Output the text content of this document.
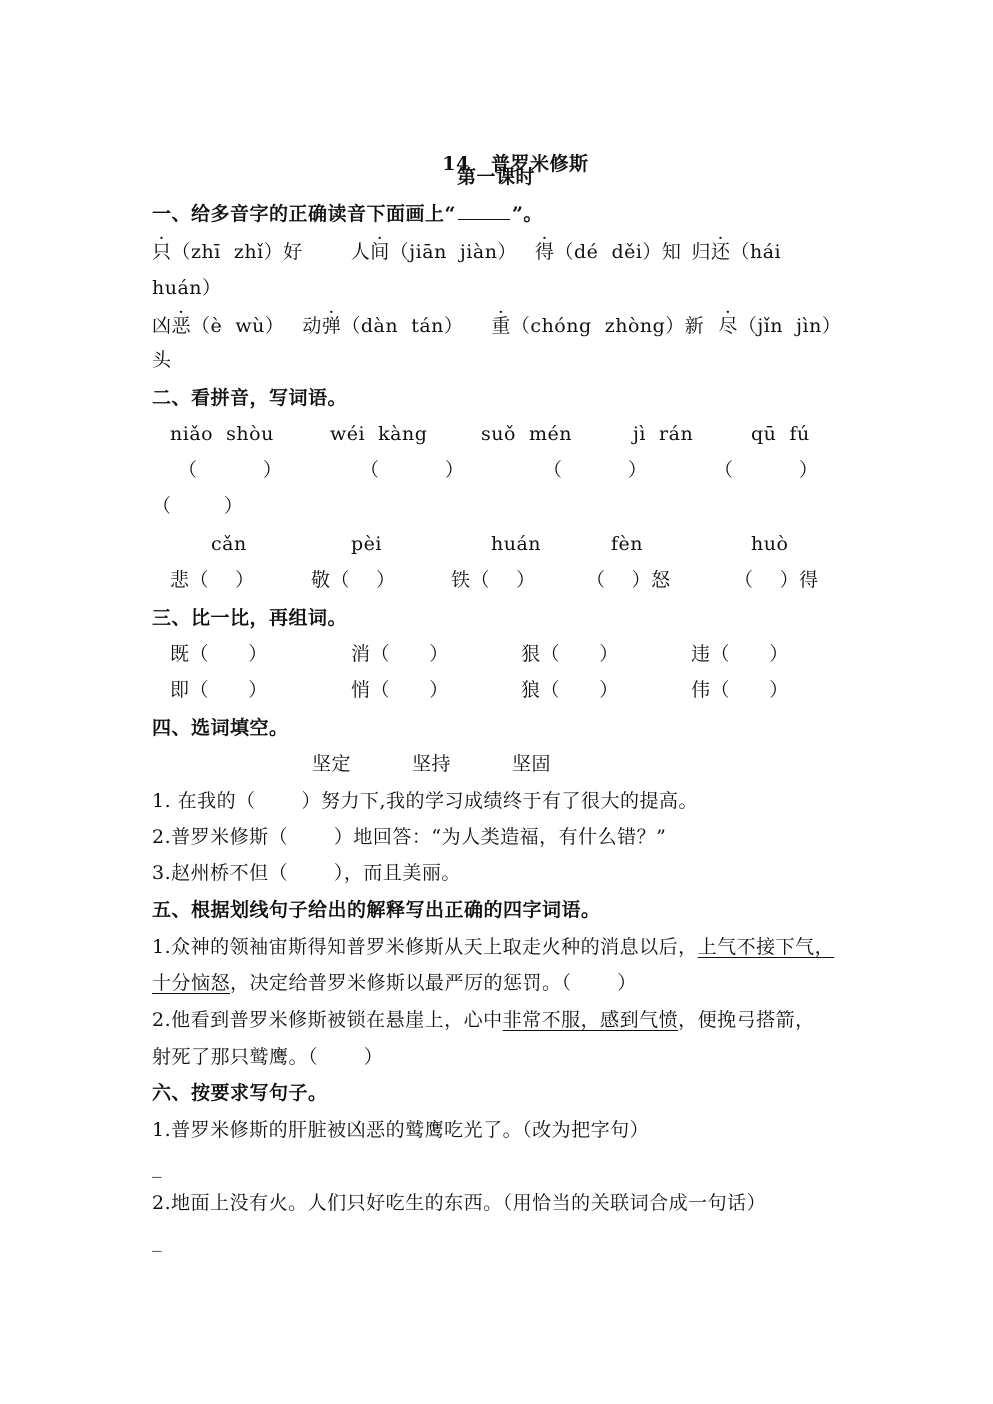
14 普罗米修斯

第一课时
一、给多音字的正确读音下面画上“	”。
只（zhī  zhǐ）好	人间（jiān  jiàn） 得（dé  děi）知 归还（hái
huán）
凶恶（è  wù） 动弹（dàn  tán） 重（chóng  zhòng）新 尽（jǐn  jìn）
头
二、看拼音，写词语。
niǎo  shòu	wéi  kàng	suǒ  mén	jì  rán	qū  fú
（          ）	（          ）	（          ）	（          ）
（        ）
cǎn	pèi	huán	fèn	huò
悲（    ）	敬（    ）	铁（    ）	（    ）怒	（    ）得
三、比一比，再组词。
既（      ）	消（      ）	狠（      ）	违（      ）
即（      ）	悄（      ）	狼（      ）	伟（      ）
四、选词填空。
坚定	坚持	坚固
1. 在我的（       ）努力下,我的学习成绩终于有了很大的提高。
2.普罗米修斯（       ）地回答：“为人类造福，有什么错？”
3.赵州桥不但（       ），而且美丽。
五、根据划线句子给出的解释写出正确的四字词语。
1.众神的领袖宙斯得知普罗米修斯从天上取走火种的消息以后，上气不接下气，
十分恼怒，决定给普罗米修斯以最严厉的惩罚。（       ）
2.他看到普罗米修斯被锁在悬崖上，心中非常不服，感到气愤，便挽弓搭箭，
射死了那只鹫鹰。（       ）
六、按要求写句子。
1.普罗米修斯的肝脏被凶恶的鹫鹰吃光了。（改为把字句）
_
2.地面上没有火。人们只好吃生的东西。（用恰当的关联词合成一句话）
_
